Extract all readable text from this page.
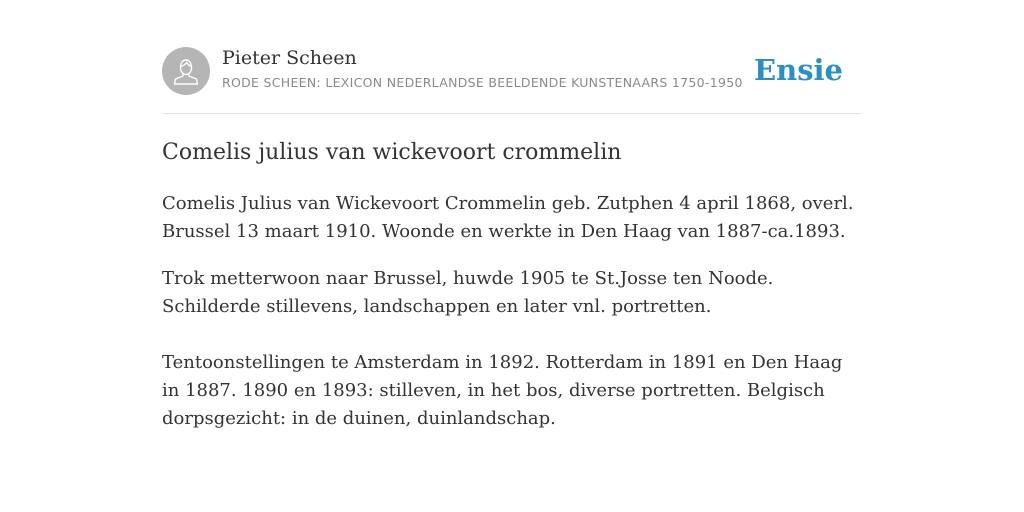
Pieter Scheen
RODE SCHEEN: LEXICON NEDERLANDSE BEELDENDE KUNSTENAARS 1750-1950 Ensie
Comelis julius van wickevoort crommelin

Comelis Julius van Wickevoort Crommelin geb. Zutphen 4 april 1868, overl. Brussel 13 maart 1910. Woonde en werkte in Den Haag van 1887-ca.1893.

Trok metterwoon naar Brussel, huwde 1905 te St.Josse ten Noode. Schilderde stillevens, landschappen en later vnl. portretten.

Tentoonstellingen te Amsterdam in 1892. Rotterdam in 1891 en Den Haag in 1887. 1890 en 1893: stilleven, in het bos, diverse portretten. Belgisch dorpsgezicht: in de duinen, duinlandschap.
